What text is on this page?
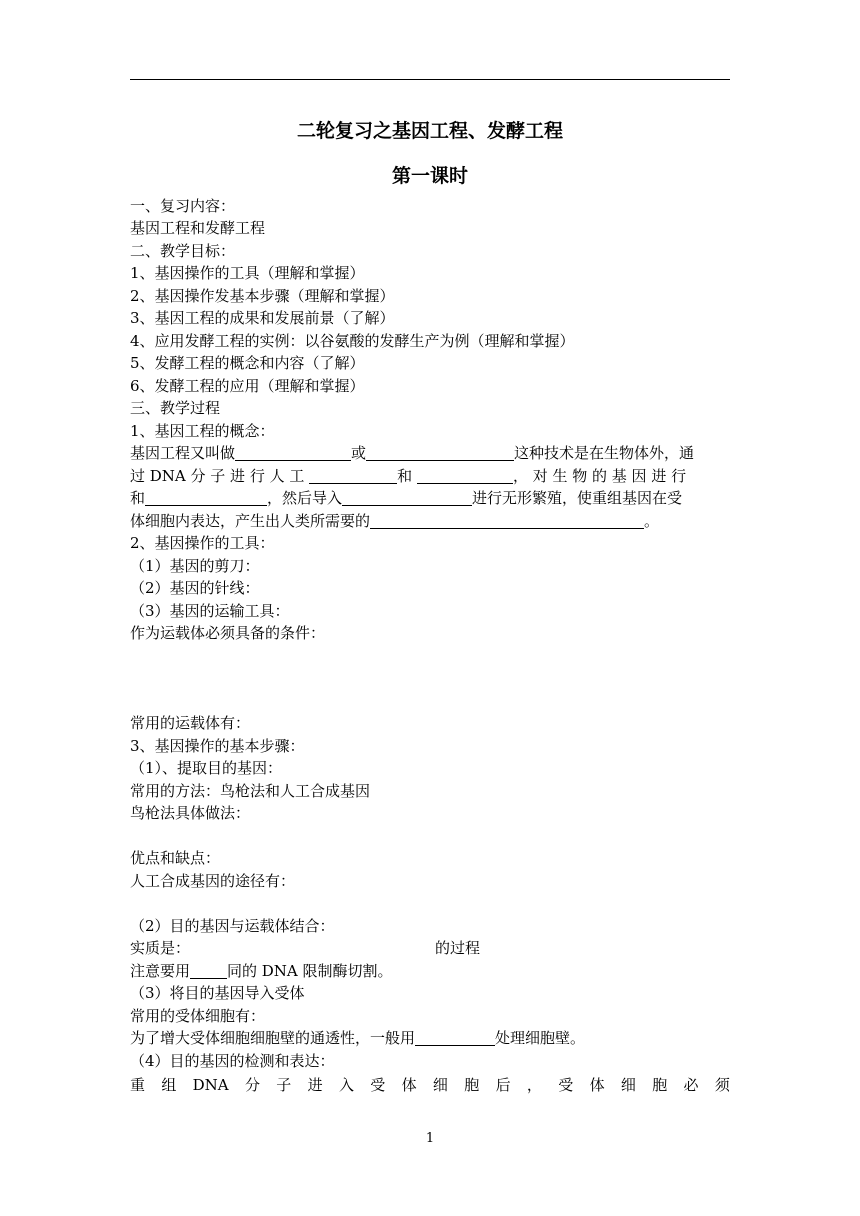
二轮复习之基因工程、发酵工程
第一课时
一、复习内容：
基因工程和发酵工程
二、教学目标：
1、基因操作的工具（理解和掌握）
2、基因操作发基本步骤（理解和掌握）
3、基因工程的成果和发展前景（了解）
4、应用发酵工程的实例：以谷氨酸的发酵生产为例（理解和掌握）
5、发酵工程的概念和内容（了解）
6、发酵工程的应用（理解和掌握）
三、教学过程
1、基因工程的概念：
基因工程又叫做	或	这种技术是在生物体外，通
过 DNA 分 子 进 行 人 工	和	， 对 生 物 的 基 因 进 行
和	，然后导入	进行无形繁殖，使重组基因在受
体细胞内表达，产生出人类所需要的	。
2、基因操作的工具：
（1）基因的剪刀：
（2）基因的针线：
（3）基因的运输工具：
作为运载体必须具备的条件：
常用的运载体有：
3、基因操作的基本步骤：
（1）、提取目的基因：
常用的方法：鸟枪法和人工合成基因
鸟枪法具体做法：
优点和缺点：
人工合成基因的途径有：
（2）目的基因与运载体结合：
实质是：	的过程
注意要用 同的 DNA 限制酶切割。
（3）将目的基因导入受体
常用的受体细胞有：
为了增大受体细胞细胞壁的通透性，一般用	处理细胞壁。
（4）目的基因的检测和表达：
重 组 DNA 分 子 进 入 受 体 细 胞 后 ， 受 体 细 胞 必 须
1
